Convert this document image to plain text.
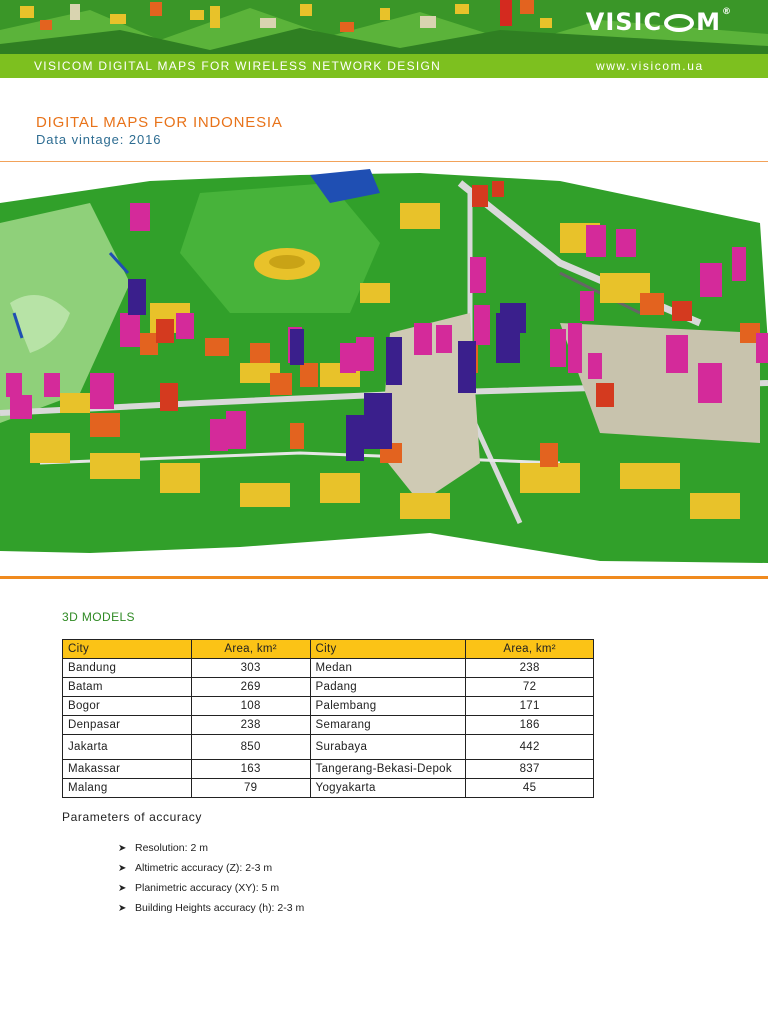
VISIC M®
VISICOM DIGITAL MAPS FOR WIRELESS NETWORK DESIGN	www.visicom.ua
DIGITAL MAPS FOR INDONESIA
Data vintage: 2016
3D MODELS
City	Area, km²	City	Area, km²
Bandung	303	Medan	238
Batam	269	Padang	72
Bogor	108	Palembang	171
Denpasar	238	Semarang	186
Jakarta	850	Surabaya	442
Makassar	163	Tangerang-Bekasi-Depok	837
Malang	79	Yogyakarta	45
Parameters of accuracy
➤ Resolution: 2 m
➤ Altimetric accuracy (Z): 2-3 m
➤ Planimetric accuracy (XY): 5 m
➤ Building Heights accuracy (h): 2-3 m
